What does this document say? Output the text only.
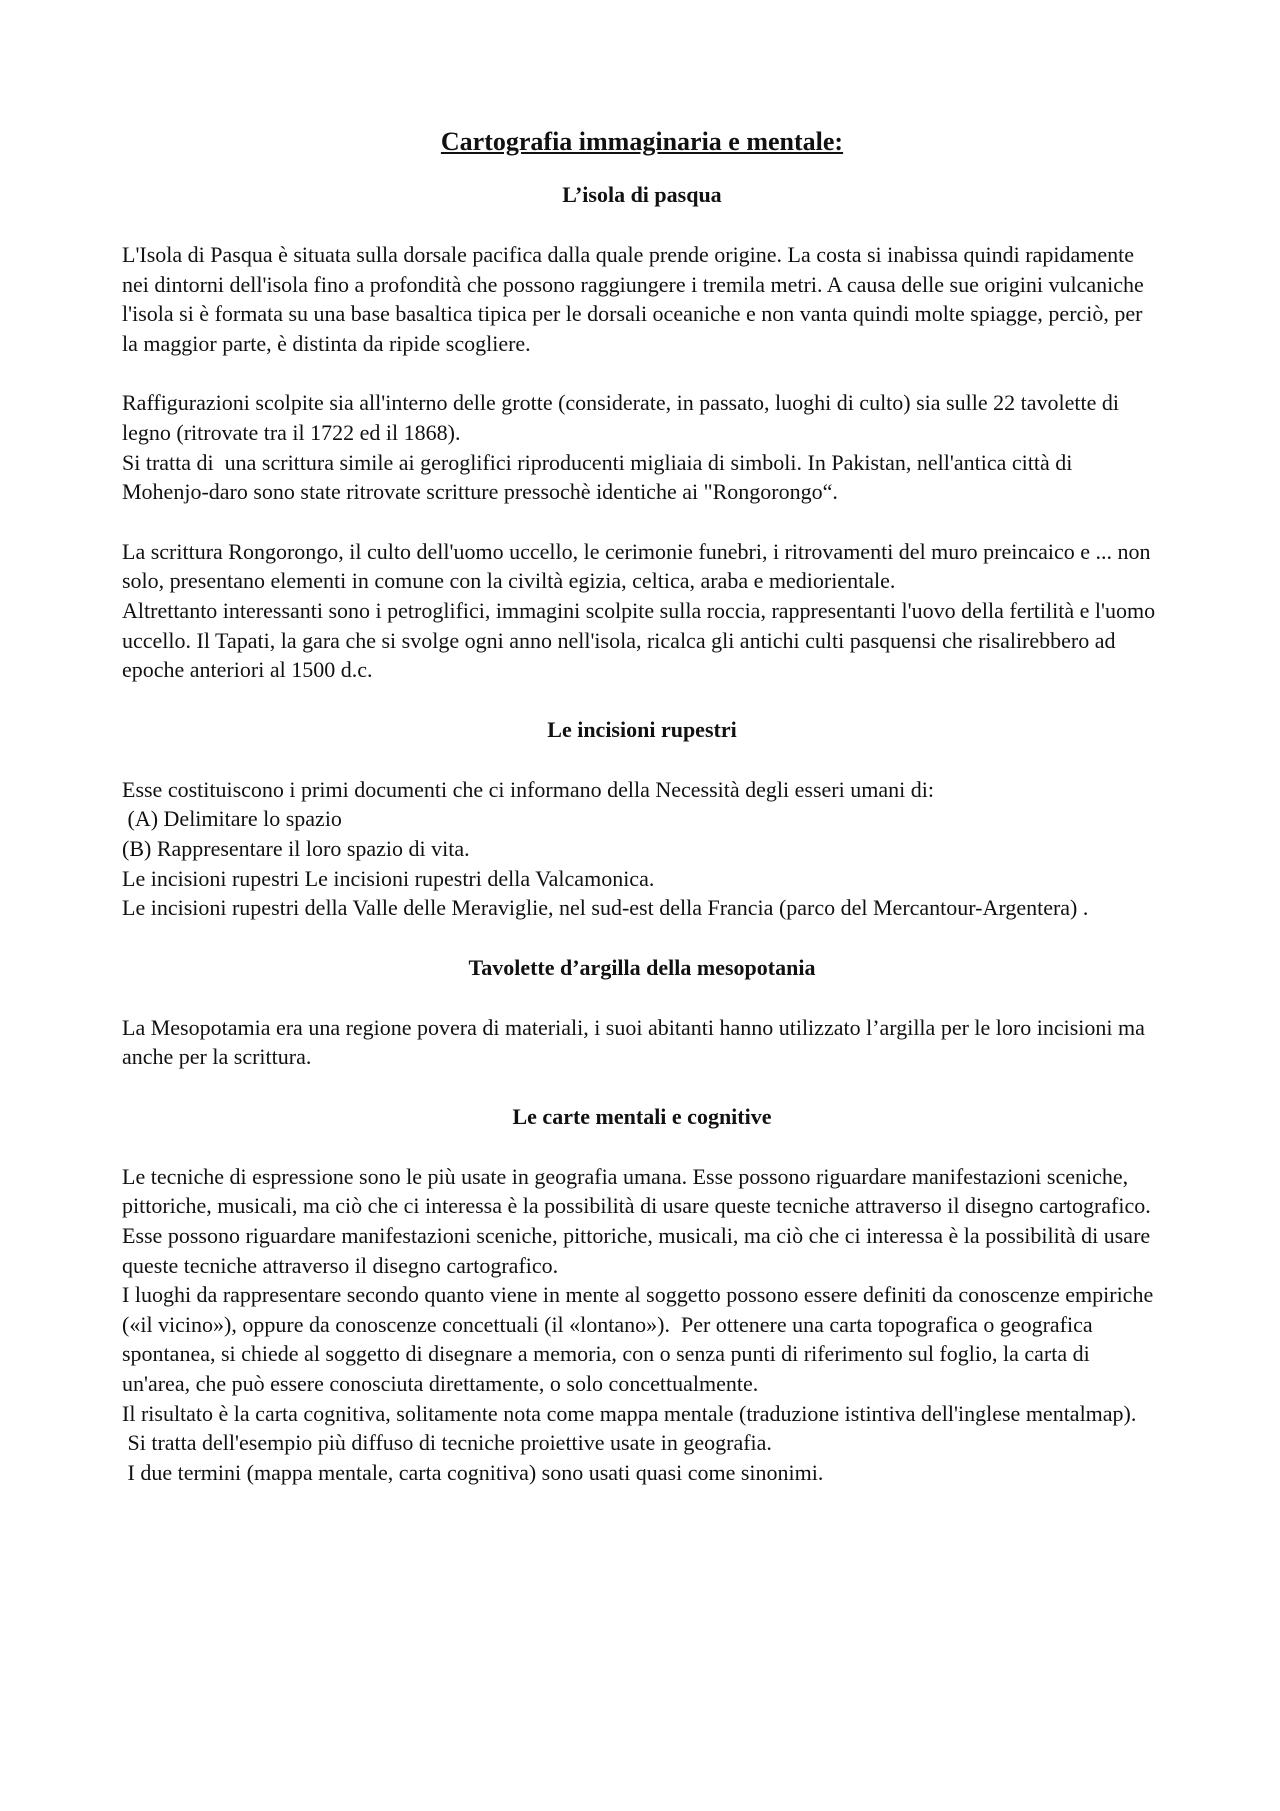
Cartografia immaginaria e mentale:
L’isola di pasqua
L'Isola di Pasqua è situata sulla dorsale pacifica dalla quale prende origine. La costa si inabissa quindi rapidamente nei dintorni dell'isola fino a profondità che possono raggiungere i tremila metri. A causa delle sue origini vulcaniche l'isola si è formata su una base basaltica tipica per le dorsali oceaniche e non vanta quindi molte spiagge, perciò, per la maggior parte, è distinta da ripide scogliere.
Raffigurazioni scolpite sia all'interno delle grotte (considerate, in passato, luoghi di culto) sia sulle 22 tavolette di legno (ritrovate tra il 1722 ed il 1868).
Si tratta di  una scrittura simile ai geroglifici riproducenti migliaia di simboli. In Pakistan, nell'antica città di  Mohenjo-daro sono state ritrovate scritture pressochè identiche ai "Rongorongo“.
La scrittura Rongorongo, il culto dell'uomo uccello, le cerimonie funebri, i ritrovamenti del muro preincaico e ... non solo, presentano elementi in comune con la civiltà egizia, celtica, araba e mediorientale.
Altrettanto interessanti sono i petroglifici, immagini scolpite sulla roccia, rappresentanti l'uovo della fertilità e l'uomo uccello. Il Tapati, la gara che si svolge ogni anno nell'isola, ricalca gli antichi culti pasquensi che risalirebbero ad epoche anteriori al 1500 d.c.
Le incisioni rupestri
Esse costituiscono i primi documenti che ci informano della Necessità degli esseri umani di:
(A) Delimitare lo spazio
(B) Rappresentare il loro spazio di vita.
Le incisioni rupestri Le incisioni rupestri della Valcamonica.
Le incisioni rupestri della Valle delle Meraviglie, nel sud-est della Francia (parco del Mercantour-Argentera) .
Tavolette d’argilla della mesopotania
La Mesopotamia era una regione povera di materiali, i suoi abitanti hanno utilizzato l’argilla per le loro incisioni ma anche per la scrittura.
Le carte mentali e cognitive
Le tecniche di espressione sono le più usate in geografia umana. Esse possono riguardare manifestazioni sceniche, pittoriche, musicali, ma ciò che ci interessa è la possibilità di usare queste tecniche attraverso il disegno cartografico.
Esse possono riguardare manifestazioni sceniche, pittoriche, musicali, ma ciò che ci interessa è la possibilità di usare queste tecniche attraverso il disegno cartografico.
I luoghi da rappresentare secondo quanto viene in mente al soggetto possono essere definiti da conoscenze empiriche («il vicino»), oppure da conoscenze concettuali (il «lontano»).  Per ottenere una carta topografica o geografica spontanea, si chiede al soggetto di disegnare a memoria, con o senza punti di riferimento sul foglio, la carta di un'area, che può essere conosciuta direttamente, o solo concettualmente.
Il risultato è la carta cognitiva, solitamente nota come mappa mentale (traduzione istintiva dell'inglese mentalmap).
Si tratta dell'esempio più diffuso di tecniche proiettive usate in geografia.
I due termini (mappa mentale, carta cognitiva) sono usati quasi come sinonimi.
